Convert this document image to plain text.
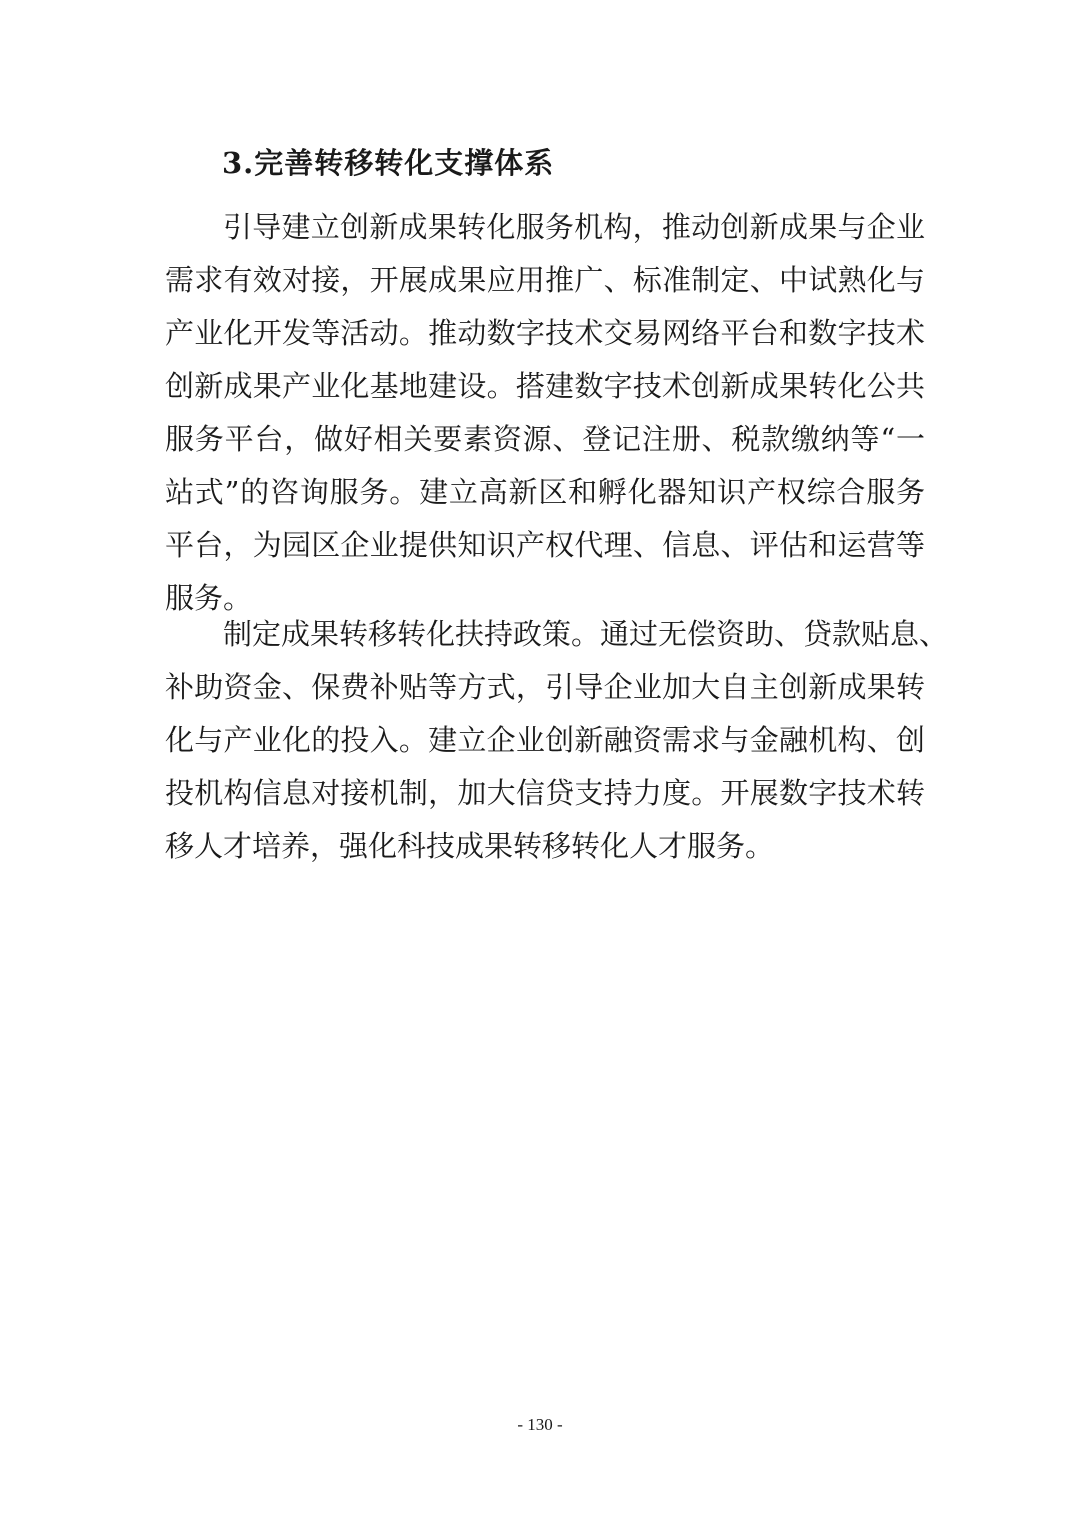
3.完善转移转化支撑体系
引导建立创新成果转化服务机构，推动创新成果与企业
需求有效对接，开展成果应用推广、标准制定、中试熟化与
产业化开发等活动。推动数字技术交易网络平台和数字技术
创新成果产业化基地建设。搭建数字技术创新成果转化公共
服务平台，做好相关要素资源、登记注册、税款缴纳等“一
站式”的咨询服务。建立高新区和孵化器知识产权综合服务
平台，为园区企业提供知识产权代理、信息、评估和运营等
服务。
制定成果转移转化扶持政策。通过无偿资助、贷款贴息、
补助资金、保费补贴等方式，引导企业加大自主创新成果转
化与产业化的投入。建立企业创新融资需求与金融机构、创
投机构信息对接机制，加大信贷支持力度。开展数字技术转
移人才培养，强化科技成果转移转化人才服务。
- 130 -
